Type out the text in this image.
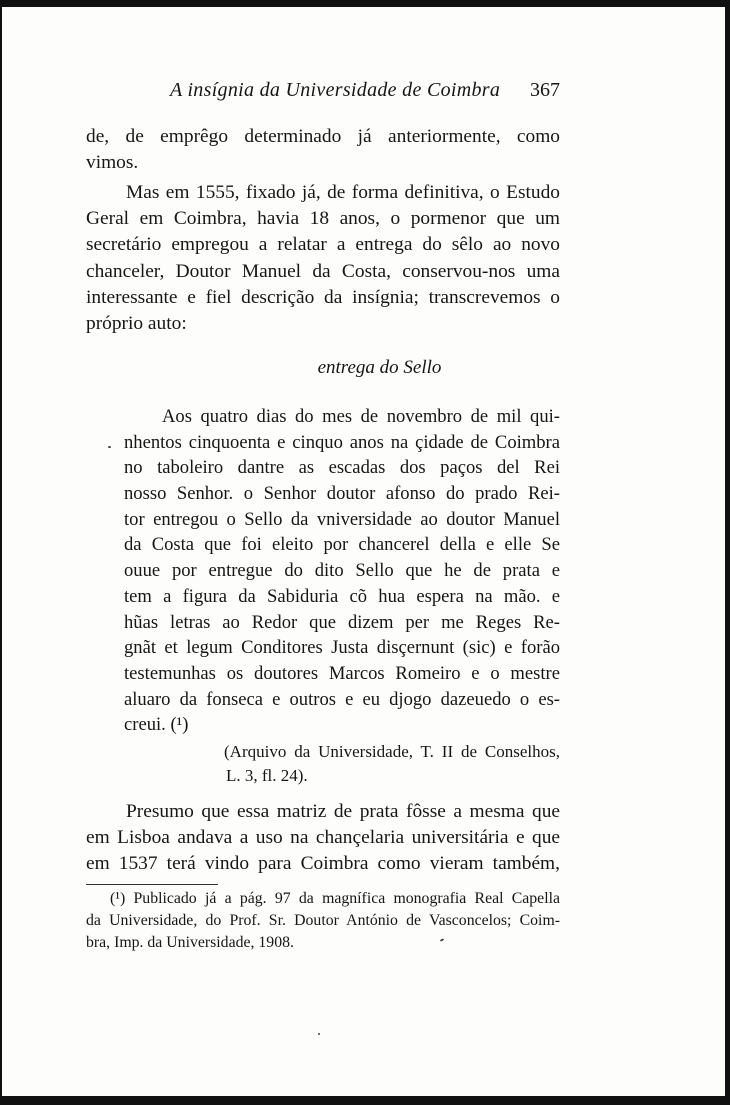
A insígnia da Universidade de Coimbra 367
de, de emprêgo determinado já anteriormente, como
vimos.
Mas em 1555, fixado já, de forma definitiva, o Estudo
Geral em Coimbra, havia 18 anos, o pormenor que um
secretário empregou a relatar a entrega do sêlo ao novo
chanceler, Doutor Manuel da Costa, conservou-nos uma
interessante e fiel descrição da insígnia; transcrevemos o
próprio auto:
entrega do Sello
Aos quatro dias do mes de novembro de mil qui-
nhentos cinquoenta e cinquo anos na çidade de Coimbra
no taboleiro dantre as escadas dos paços del Rei
nosso Senhor. o Senhor doutor afonso do prado Rei-
tor entregou o Sello da vniversidade ao doutor Manuel
da Costa que foi eleito por chancerel della e elle Se
ouue por entregue do dito Sello que he de prata e
tem a figura da Sabiduria cõ hua espera na mão. e
hũas letras ao Redor que dizem per me Reges Re-
gnãt et legum Conditores Justa disçernunt (sic) e forão
testemunhas os doutores Marcos Romeiro e o mestre
aluaro da fonseca e outros e eu djogo dazeuedo o es-
creui. (¹)
(Arquivo da Universidade, T. II de Conselhos,
L. 3, fl. 24).
Presumo que essa matriz de prata fôsse a mesma que
em Lisboa andava a uso na chançelaria universitária e que
em 1537 terá vindo para Coimbra como vieram também,
(¹) Publicado já a pág. 97 da magnífica monografia Real Capella
da Universidade, do Prof. Sr. Doutor António de Vasconcelos; Coim-
bra, Imp. da Universidade, 1908.
